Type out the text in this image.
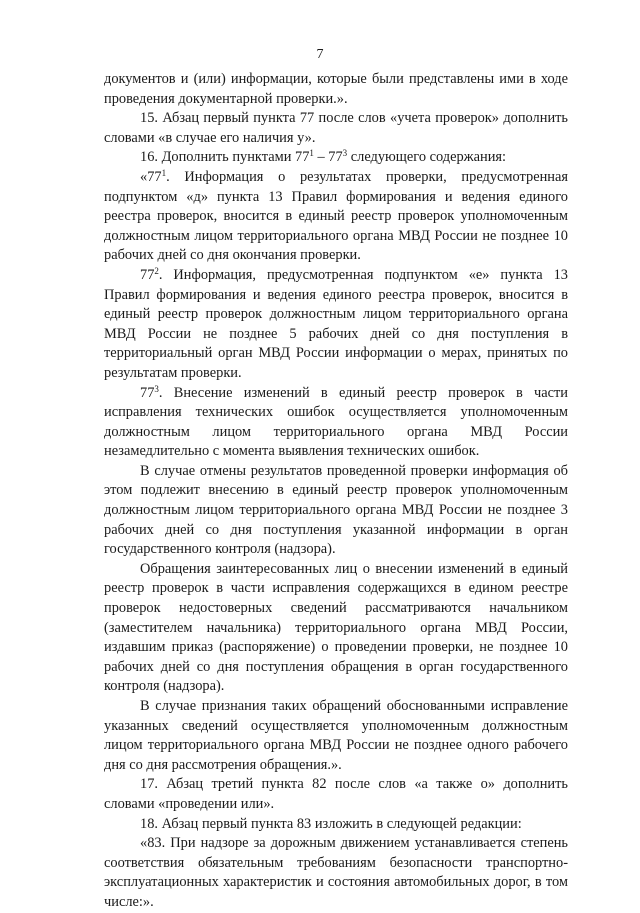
7

документов и (или) информации, которые были представлены ими в ходе проведения документарной проверки.».

15. Абзац первый пункта 77 после слов «учета проверок» дополнить словами «в случае его наличия у».

16. Дополнить пунктами $77^1 - 77^3$ следующего содержания:

«$77^1$. Информация о результатах проверки, предусмотренная подпунктом «д» пункта 13 Правил формирования и ведения единого реестра проверок, вносится в единый реестр проверок уполномоченным должностным лицом территориального органа МВД России не позднее 10 рабочих дней со дня окончания проверки.

$77^2$. Информация, предусмотренная подпунктом «е» пункта 13 Правил формирования и ведения единого реестра проверок, вносится в единый реестр проверок должностным лицом территориального органа МВД России не позднее 5 рабочих дней со дня поступления в территориальный орган МВД России информации о мерах, принятых по результатам проверки.

$77^3$. Внесение изменений в единый реестр проверок в части исправления технических ошибок осуществляется уполномоченным должностным лицом территориального органа МВД России незамедлительно с момента выявления технических ошибок.

В случае отмены результатов проведенной проверки информация об этом подлежит внесению в единый реестр проверок уполномоченным должностным лицом территориального органа МВД России не позднее 3 рабочих дней со дня поступления указанной информации в орган государственного контроля (надзора).

Обращения заинтересованных лиц о внесении изменений в единый реестр проверок в части исправления содержащихся в едином реестре проверок недостоверных сведений рассматриваются начальником (заместителем начальника) территориального органа МВД России, издавшим приказ (распоряжение) о проведении проверки, не позднее 10 рабочих дней со дня поступления обращения в орган государственного контроля (надзора).

В случае признания таких обращений обоснованными исправление указанных сведений осуществляется уполномоченным должностным лицом территориального органа МВД России не позднее одного рабочего дня со дня рассмотрения обращения.».

17. Абзац третий пункта 82 после слов «а также о» дополнить словами «проведении или».

18. Абзац первый пункта 83 изложить в следующей редакции:

«83. При надзоре за дорожным движением устанавливается степень соответствия обязательным требованиям безопасности транспортно-эксплуатационных характеристик и состояния автомобильных дорог, в том числе:».
